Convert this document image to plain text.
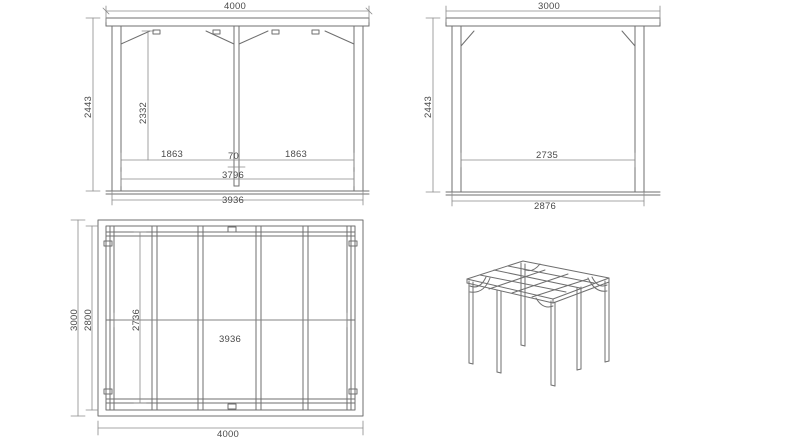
4000
2443	2332
1863	1863
70
3796
3936
3000
2443
2735
2876
3000 2800	2736
3936
4000
